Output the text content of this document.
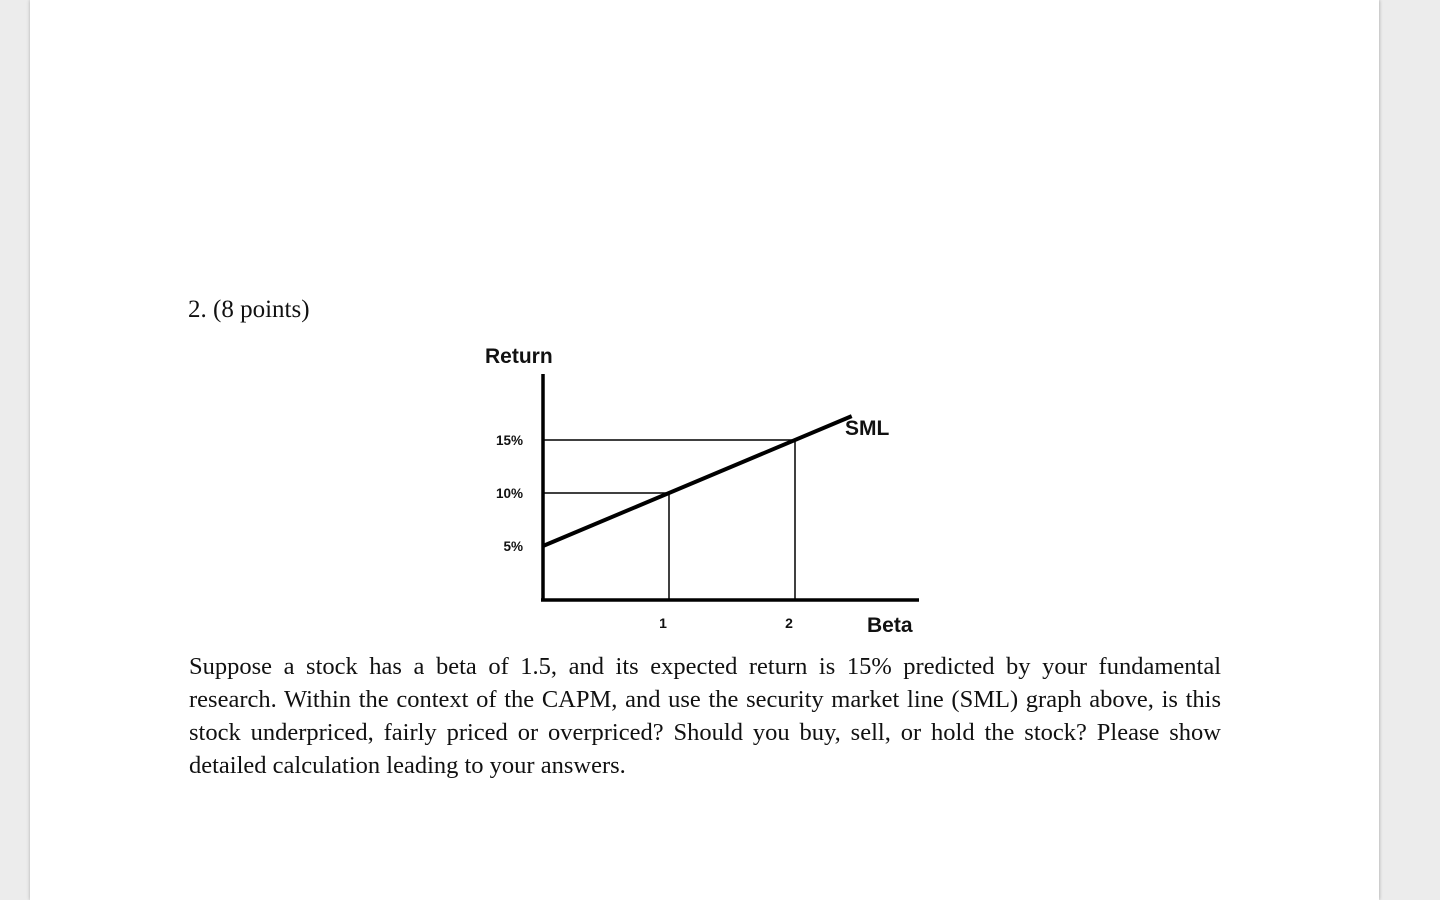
2. (8 points)
Return
Beta
SML
5%
10%
15%
1	2

Suppose a stock has a beta of 1.5, and its expected return is 15% predicted by your fundamental research. Within the context of the CAPM, and use the security market line (SML) graph above, is this stock underpriced, fairly priced or overpriced? Should you buy, sell, or hold the stock? Please show detailed calculation leading to your answers.
